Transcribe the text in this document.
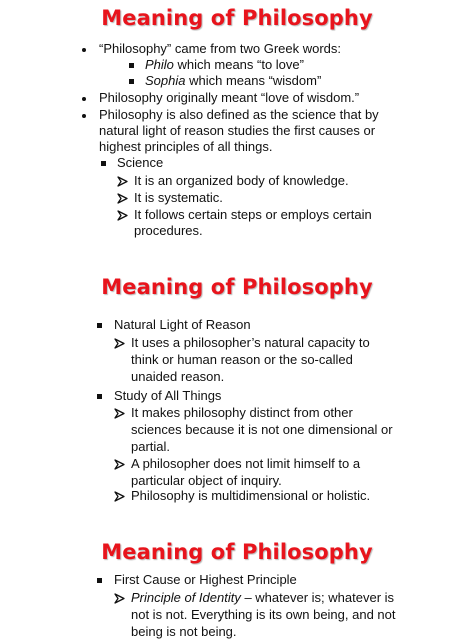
Meaning of Philosophy
“Philosophy” came from two Greek words:
Philo which means “to love”
Sophia which means “wisdom”
Philosophy originally meant “love of wisdom.”
Philosophy is also defined as the science that by
natural light of reason studies the first causes or
highest principles of all things.
Science
It is an organized body of knowledge.
It is systematic.
It follows certain steps or employs certain
procedures.
Meaning of Philosophy
Natural Light of Reason
It uses a philosopher’s natural capacity to
think or human reason or the so-called
unaided reason.
Study of All Things
It makes philosophy distinct from other
sciences because it is not one dimensional or
partial.
A philosopher does not limit himself to a
particular object of inquiry.
Philosophy is multidimensional or holistic.
Meaning of Philosophy
First Cause or Highest Principle
Principle of Identity – whatever is; whatever is
not is not. Everything is its own being, and not
being is not being.
